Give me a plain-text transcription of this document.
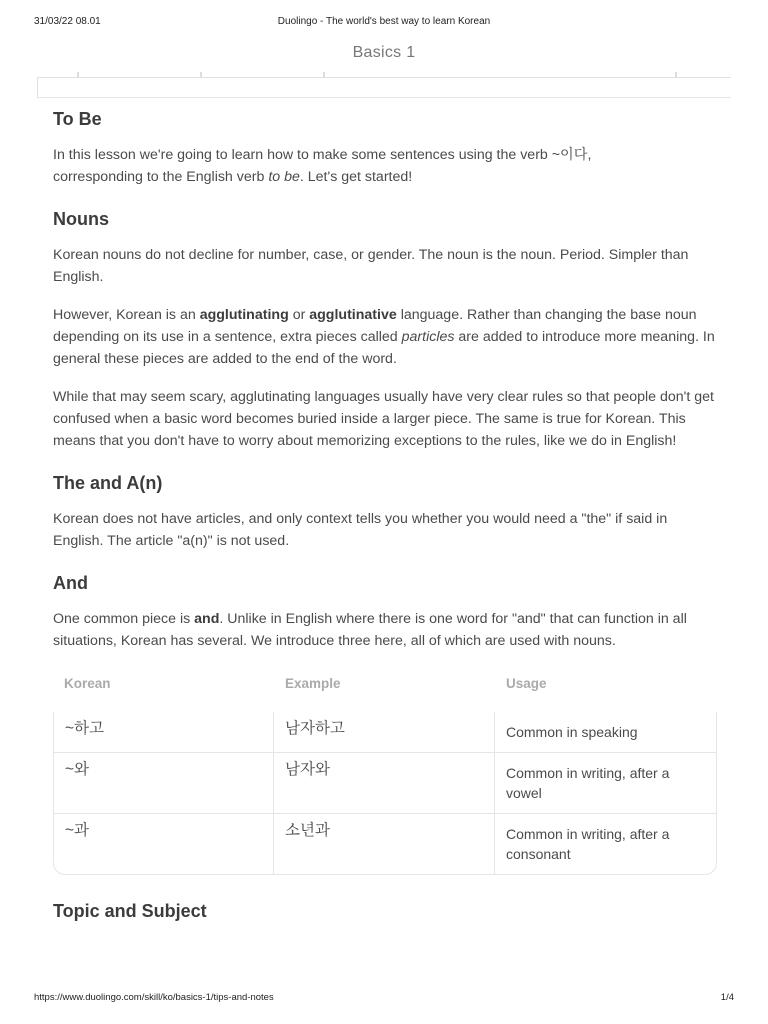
31/03/22 08.01	Duolingo - The world's best way to learn Korean
Basics 1
To Be

In this lesson we're going to learn how to make some sentences using the verb ~이다,
corresponding to the English verb to be. Let's get started!

Nouns

Korean nouns do not decline for number, case, or gender. The noun is the noun. Period. Simpler than English.

However, Korean is an agglutinating or agglutinative language. Rather than changing the base noun depending on its use in a sentence, extra pieces called particles are added to introduce more meaning. In general these pieces are added to the end of the word.

While that may seem scary, agglutinating languages usually have very clear rules so that people don't get confused when a basic word becomes buried inside a larger piece. The same is true for Korean. This means that you don't have to worry about memorizing exceptions to the rules, like we do in English!

The and A(n)

Korean does not have articles, and only context tells you whether you would need a "the" if said in English. The article "a(n)" is not used.

And

One common piece is and. Unlike in English where there is one word for "and" that can function in all situations, Korean has several. We introduce three here, all of which are used with nouns.

Korean	Example	Usage
~하고	남자하고	Common in speaking
~와	남자와	Common in writing, after a vowel
~과	소년과	Common in writing, after a consonant
Topic and Subject
https://www.duolingo.com/skill/ko/basics-1/tips-and-notes	1/4
